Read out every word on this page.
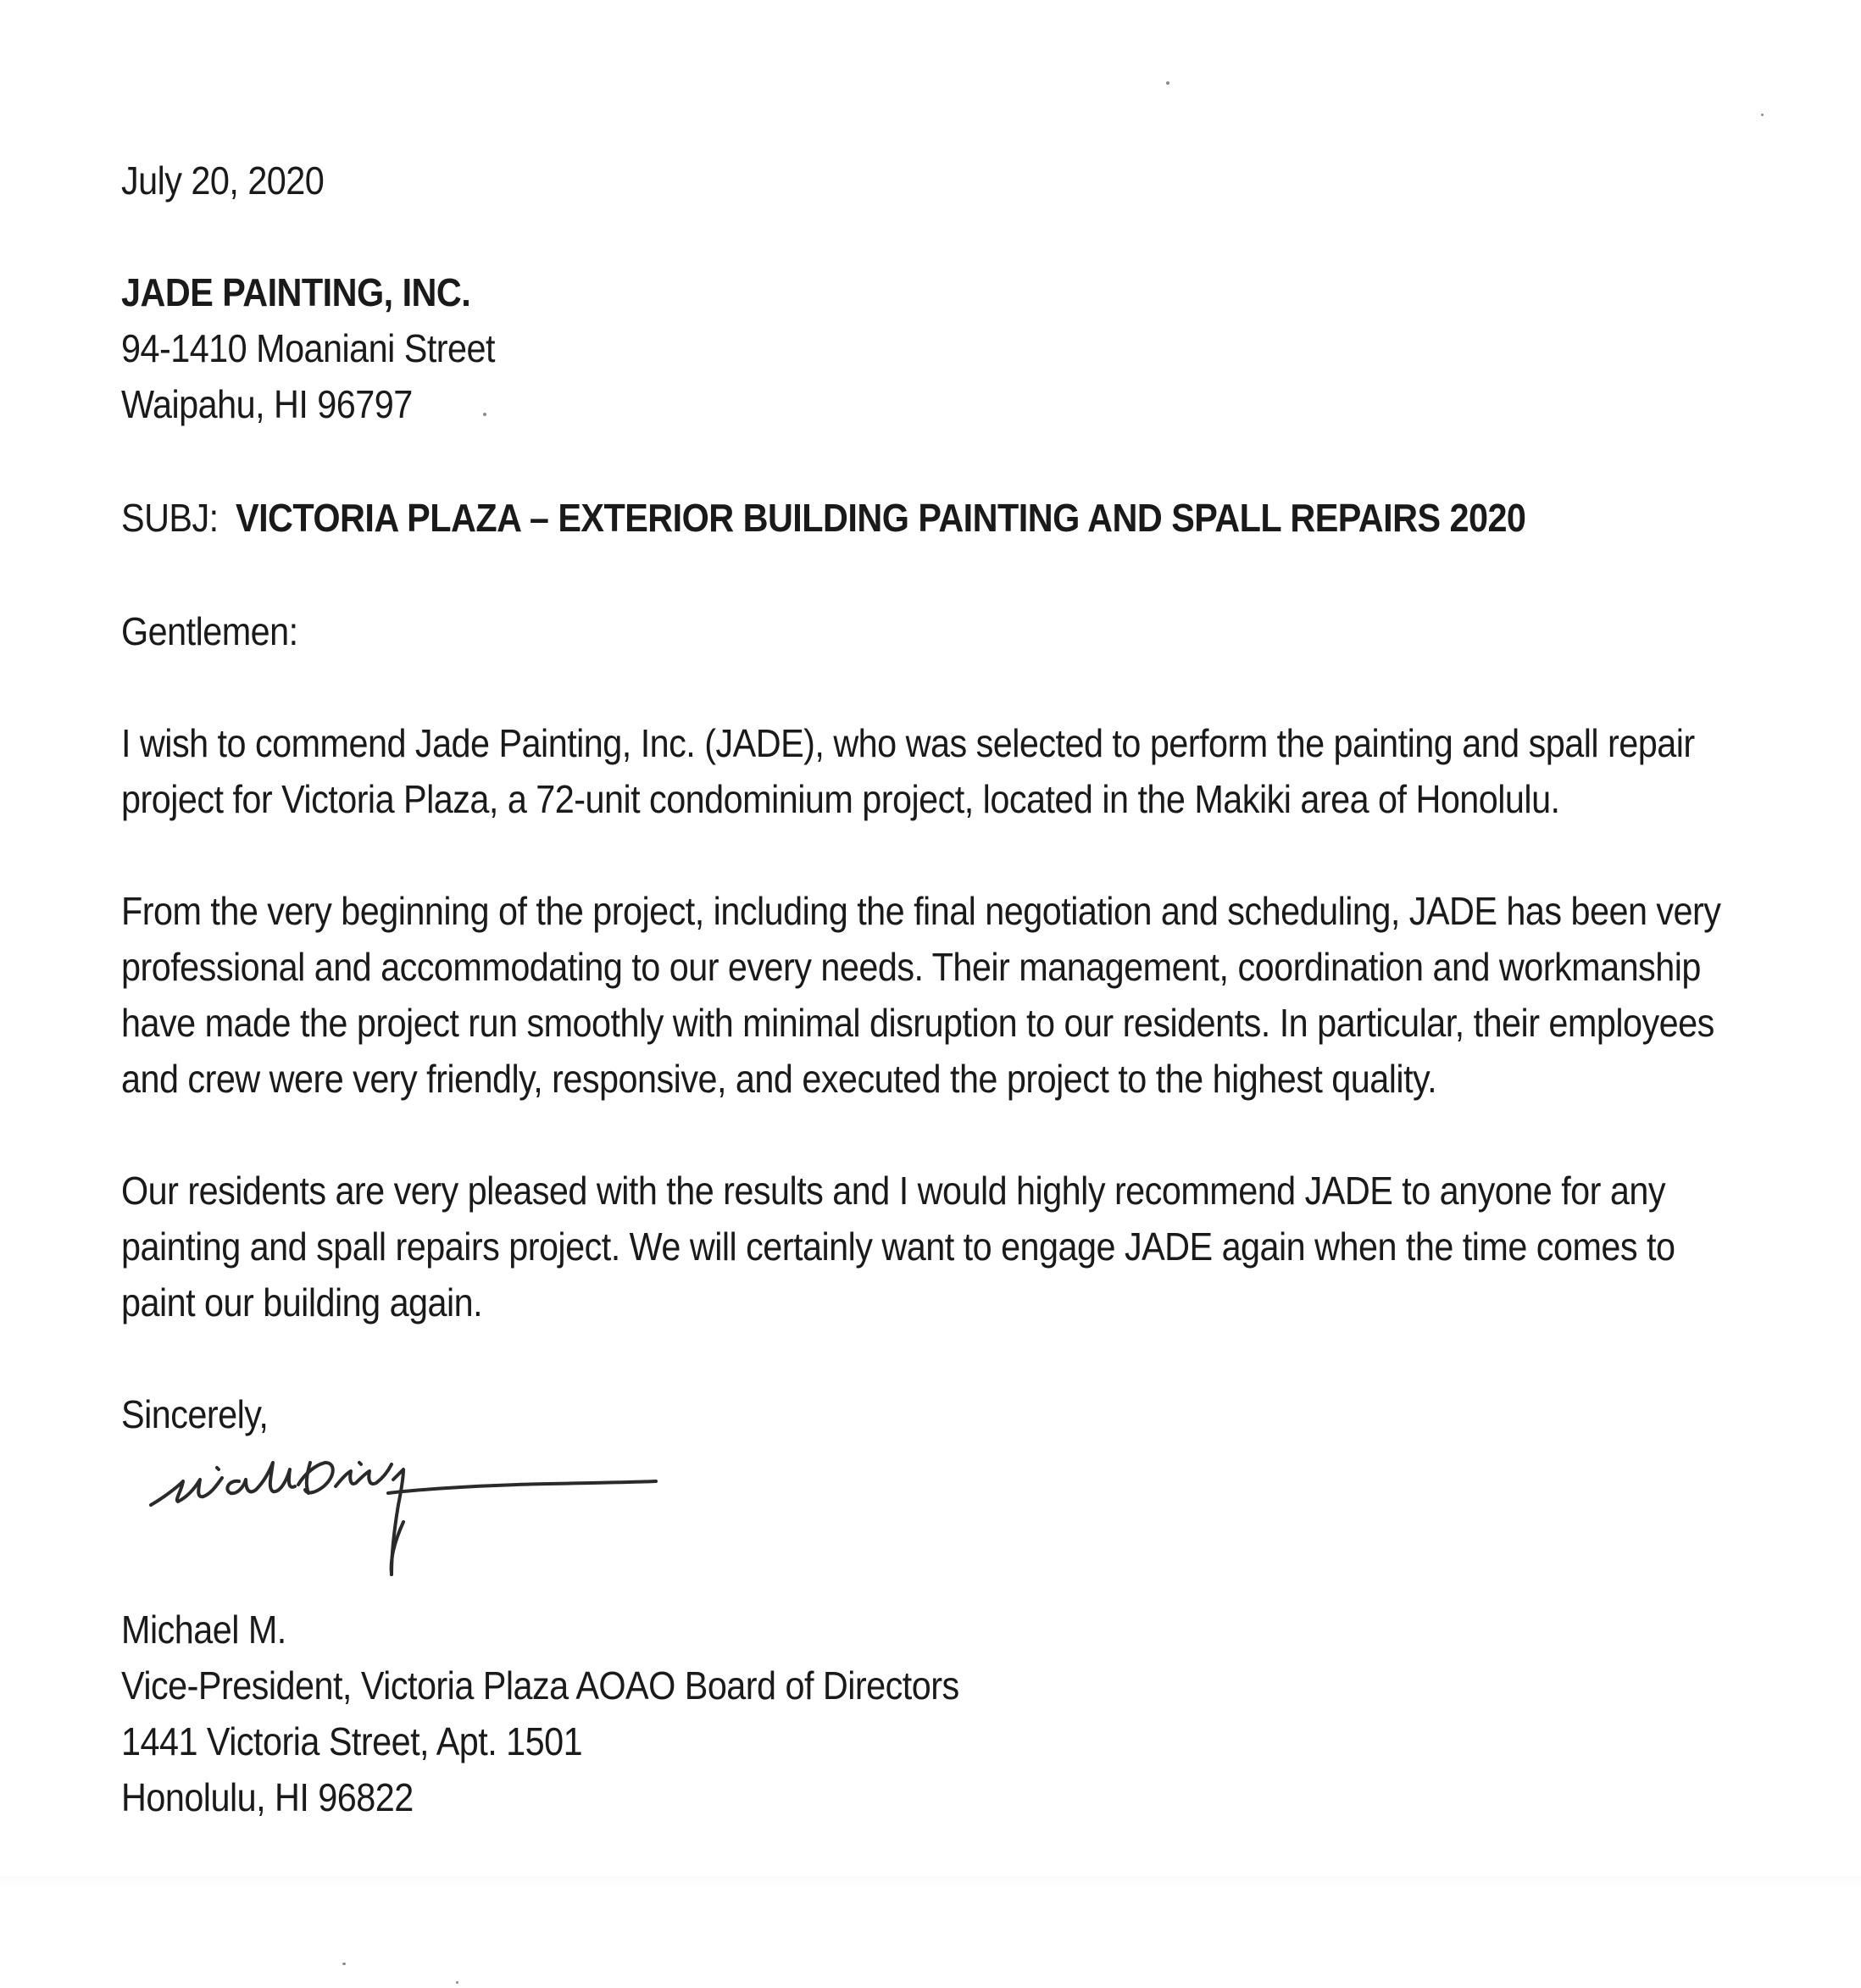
July 20, 2020
JADE PAINTING, INC.
94-1410 Moaniani Street
Waipahu, HI 96797
SUBJ: VICTORIA PLAZA – EXTERIOR BUILDING PAINTING AND SPALL REPAIRS 2020
Gentlemen:
I wish to commend Jade Painting, Inc. (JADE), who was selected to perform the painting and spall repair
project for Victoria Plaza, a 72-unit condominium project, located in the Makiki area of Honolulu.
From the very beginning of the project, including the final negotiation and scheduling, JADE has been very
professional and accommodating to our every needs. Their management, coordination and workmanship
have made the project run smoothly with minimal disruption to our residents. In particular, their employees
and crew were very friendly, responsive, and executed the project to the highest quality.
Our residents are very pleased with the results and I would highly recommend JADE to anyone for any
painting and spall repairs project. We will certainly want to engage JADE again when the time comes to
paint our building again.
Sincerely,
Michael M.
Vice-President, Victoria Plaza AOAO Board of Directors
1441 Victoria Street, Apt. 1501
Honolulu, HI 96822
